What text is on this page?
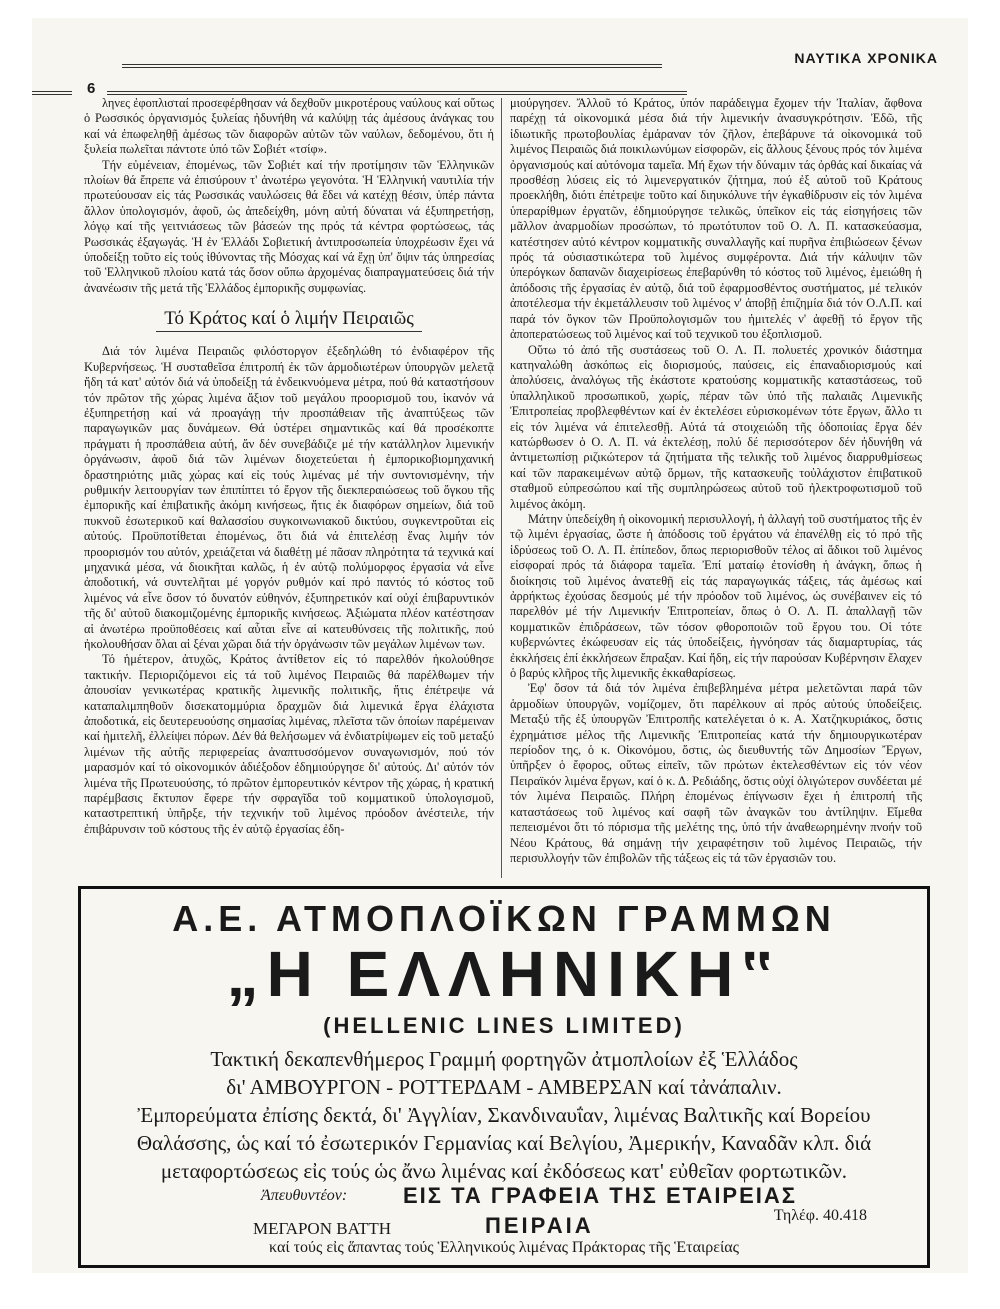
ΝΑΥΤΙΚΑ ΧΡΟΝΙΚΑ
6

ληνες ἐφοπλισταί προσεφέρθησαν νά δεχθοῦν μικροτέρους ναύλους καί οὕτως ὁ Ρωσσικός ὀργανισμός ξυλείας ἠδυνήθη νά καλύψῃ τάς ἀμέσους ἀνάγκας του καί νά ἐπωφεληθῇ ἀμέσως τῶν διαφορῶν αὐτῶν τῶν ναύλων, δεδομένου, ὅτι ἡ ξυλεία πωλεῖται πάντοτε ὑπό τῶν Σοβιέτ «τσίφ».

Τήν εὐμένειαν, ἐπομένως, τῶν Σοβιέτ καί τήν προτίμησιν τῶν Ἑλληνικῶν πλοίων θά ἔπρεπε νά ἐπισύρουν τ' ἀνωτέρω γεγονότα. Ἡ Ἑλληνική ναυτιλία τήν πρωτεύουσαν εἰς τάς Ρωσσικάς ναυλώσεις θά ἔδει νά κατέχῃ θέσιν, ὑπέρ πάντα ἄλλον ὑπολογισμόν, ἀφοῦ, ὡς ἀπεδείχθη, μόνη αὐτή δύναται νά ἐξυπηρετήσῃ, λόγῳ καί τῆς γειτνιάσεως τῶν βάσεών της πρός τά κέντρα φορτώσεως, τάς Ρωσσικάς ἐξαγωγάς. Ἡ ἐν Ἑλλάδι Σοβιετική ἀντιπροσωπεία ὑποχρέωσιν ἔχει νά ὑποδείξῃ τοῦτο εἰς τούς ἰθύνοντας τῆς Μόσχας καί νά ἔχῃ ὑπ' ὄψιν τάς ὑπηρεσίας τοῦ Ἑλληνικοῦ πλοίου κατά τάς ὅσον οὔπω ἀρχομένας διαπραγματεύσεις διά τήν ἀνανέωσιν τῆς μετά τῆς Ἑλλάδος ἐμπορικῆς συμφωνίας.

Τό Κράτος καί ὁ λιμήν Πειραιῶς

Διά τόν λιμένα Πειραιῶς φιλόστοργον ἐξεδηλώθη τό ἐνδιαφέρον τῆς Κυβερνήσεως. Ἡ συσταθεῖσα ἐπιτροπή ἐκ τῶν ἁρμοδιωτέρων ὑπουργῶν μελετᾷ ἤδη τά κατ' αὐτόν διά νά ὑποδείξῃ τά ἐνδεικνυόμενα μέτρα, πού θά καταστήσουν τόν πρῶτον τῆς χώρας λιμένα ἄξιον τοῦ μεγάλου προορισμοῦ του, ἱκανόν νά ἐξυπηρετήσῃ καί νά προαγάγῃ τήν προσπάθειαν τῆς ἀναπτύξεως τῶν παραγωγικῶν μας δυνάμεων. Θά ὑστέρει σημαντικῶς καί θά προσέκοπτε πράγματι ἡ προσπάθεια αὐτή, ἄν δέν συνεβάδιζε μέ τήν κατάλληλον λιμενικήν ὀργάνωσιν, ἀφοῦ διά τῶν λιμένων διοχετεύεται ἡ ἐμπορικοβιομηχανική δραστηριότης μιᾶς χώρας καί εἰς τούς λιμένας μέ τήν συντονισμένην, τήν ρυθμικήν λειτουργίαν των ἐπιπίπτει τό ἔργον τῆς διεκπεραιώσεως τοῦ ὄγκου τῆς ἐμπορικῆς καί ἐπιβατικῆς ἀκόμη κινήσεως, ἥτις ἐκ διαφόρων σημείων, διά τοῦ πυκνοῦ ἐσωτερικοῦ καί θαλασσίου συγκοινωνιακοῦ δικτύου, συγκεντροῦται εἰς αὐτούς. Προϋποτίθεται ἐπομένως, ὅτι διά νά ἐπιτελέσῃ ἕνας λιμήν τόν προορισμόν του αὐτόν, χρειάζεται νά διαθέτῃ μέ πᾶσαν πληρότητα τά τεχνικά καί μηχανικά μέσα, νά διοικῆται καλῶς, ἡ ἐν αὐτῷ πολύμορφος ἐργασία νά εἶνε ἀποδοτική, νά συντελῆται μέ γοργόν ρυθμόν καί πρό παντός τό κόστος τοῦ λιμένος νά εἶνε ὅσον τό δυνατόν εὐθηνόν, ἐξυπηρετικόν καί οὐχί ἐπιβαρυντικόν τῆς δι' αὐτοῦ διακομιζομένης ἐμπορικῆς κινήσεως. Ἀξιώματα πλέον κατέστησαν αἱ ἀνωτέρω προϋποθέσεις καί αὗται εἶνε αἱ κατευθύνσεις τῆς πολιτικῆς, πού ἠκολουθήσαν ὅλαι αἱ ξέναι χῶραι διά τήν ὀργάνωσιν τῶν μεγάλων λιμένων των.

Τό ἡμέτερον, ἀτυχῶς, Κράτος ἀντίθετον εἰς τό παρελθόν ἠκολούθησε τακτικήν. Περιοριζόμενοι εἰς τά τοῦ λιμένος Πειραιῶς θά παρέλθωμεν τήν ἀπουσίαν γενικωτέρας κρατικῆς λιμενικῆς πολιτικῆς, ἥτις ἐπέτρεψε νά καταπαλιμπηθοῦν δισεκατομμύρια δραχμῶν διά λιμενικά ἔργα ἐλάχιστα ἀποδοτικά, εἰς δευτερευούσης σημασίας λιμένας, πλεῖστα τῶν ὁποίων παρέμειναν καί ἡμιτελῆ, ἐλλείψει πόρων. Δέν θά θελήσωμεν νά ἐνδιατρίψωμεν εἰς τοῦ μεταξύ λιμένων τῆς αὐτῆς περιφερείας ἀναπτυσσόμενον συναγωνισμόν, πού τόν μαρασμόν καί τό οἰκονομικόν ἀδιέξοδον ἐδημιούργησε δι' αὐτούς. Δι' αὐτόν τόν λιμένα τῆς Πρωτευούσης, τό πρῶτον ἐμπορευτικόν κέντρον τῆς χώρας, ἡ κρατική παρέμβασις ἔκτυπον ἔφερε τήν σφραγῖδα τοῦ κομματικοῦ ὑπολογισμοῦ, καταστρεπτική ὑπῆρξε, τήν τεχνικήν τοῦ λιμένος πρόοδον ἀνέστειλε, τήν ἐπιβάρυνσιν τοῦ κόστους τῆς ἐν αὐτῷ ἐργασίας ἐδη-

μιούργησεν. Ἄλλοῦ τό Κράτος, ὑπόν παράδειγμα ἔχομεν τήν Ἰταλίαν, ἄφθονα παρέχῃ τά οἰκονομικά μέσα διά τήν λιμενικήν ἀνασυγκρότησιν. Ἐδῶ, τῆς ἰδιωτικῆς πρωτοβουλίας ἐμάραναν τόν ζῆλον, ἐπεβάρυνε τά οἰκονομικά τοῦ λιμένος Πειραιῶς διά ποικιλωνύμων εἰσφορῶν, εἰς ἄλλους ξένους πρός τόν λιμένα ὀργανισμούς καί αὐτόνομα ταμεῖα. Μή ἔχων τήν δύναμιν τάς ὀρθάς καί δικαίας νά προσθέσῃ λύσεις εἰς τό λιμενεργατικόν ζήτημα, πού ἐξ αὐτοῦ τοῦ Κράτους προεκλήθη, διότι ἐπέτρεψε τοῦτο καί διηυκόλυνε τήν ἐγκαθίδρυσιν εἰς τόν λιμένα ὑπεραρίθμων ἐργατῶν, ἐδημιούργησε τελικῶς, ὑπεῖκον εἰς τάς εἰσηγήσεις τῶν μᾶλλον ἀναρμοδίων προσώπων, τό πρωτότυπον τοῦ Ο. Λ. Π. κατασκεύασμα, κατέστησεν αὐτό κέντρον κομματικῆς συναλλαγῆς καί πυρῆνα ἐπιβιώσεων ξένων πρός τά οὐσιαστικώτερα τοῦ λιμένος συμφέροντα. Διά τήν κάλυψιν τῶν ὑπερόγκων δαπανῶν διαχειρίσεως ἐπεβαρύνθη τό κόστος τοῦ λιμένος, ἐμειώθη ἡ ἀπόδοσις τῆς ἐργασίας ἐν αὐτῷ, διά τοῦ ἐφαρμοσθέντος συστήματος, μέ τελικόν ἀποτέλεσμα τήν ἐκμετάλλευσιν τοῦ λιμένος ν' ἀποβῇ ἐπιζημία διά τόν Ο.Λ.Π. καί παρά τόν ὄγκον τῶν Προϋπολογισμῶν του ἡμιτελές ν' ἀφεθῇ τό ἔργον τῆς ἀποπερατώσεως τοῦ λιμένος καί τοῦ τεχνικοῦ του ἐξοπλισμοῦ.

Οὕτω τό ἀπό τῆς συστάσεως τοῦ Ο. Λ. Π. πολυετές χρονικόν διάστημα κατηναλώθη ἀσκόπως εἰς διορισμούς, παύσεις, εἰς ἐπαναδιορισμούς καί ἀπολύσεις, ἀναλόγως τῆς ἑκάστοτε κρατούσης κομματικῆς καταστάσεως, τοῦ ὑπαλληλικοῦ προσωπικοῦ, χωρίς, πέραν τῶν ὑπό τῆς παλαιᾶς Λιμενικῆς Ἐπιτροπείας προβλεφθέντων καί ἐν ἐκτελέσει εὑρισκομένων τότε ἔργων, ἄλλο τι εἰς τόν λιμένα νά ἐπιτελεσθῇ. Αὐτά τά στοιχειώδη τῆς ὁδοποιίας ἔργα δέν κατώρθωσεν ὁ Ο. Λ. Π. νά ἐκτελέσῃ, πολύ δέ περισσότερον δέν ἠδυνήθη νά ἀντιμετωπίσῃ ριζικώτερον τά ζητήματα τῆς τελικῆς τοῦ λιμένος διαρρυθμίσεως καί τῶν παρακειμένων αὐτῷ ὅρμων, τῆς κατασκευῆς τοὐλάχιστον ἐπιβατικοῦ σταθμοῦ εὐπρεσώπου καί τῆς συμπληρώσεως αὐτοῦ τοῦ ἠλεκτροφωτισμοῦ τοῦ λιμένος ἀκόμη.

Μάτην ὑπεδείχθη ἡ οἰκονομική περισυλλογή, ἡ ἀλλαγή τοῦ συστήματος τῆς ἐν τῷ λιμένι ἐργασίας, ὥστε ἡ ἀπόδοσις τοῦ ἐργάτου νά ἐπανέλθῃ εἰς τό πρό τῆς ἱδρύσεως τοῦ Ο. Λ. Π. ἐπίπεδον, ὅπως περιορισθοῦν τέλος αἱ ἄδικοι τοῦ λιμένος εἰσφοραί πρός τά διάφορα ταμεῖα. Ἐπί ματαίῳ ἐτονίσθη ἡ ἀνάγκη, ὅπως ἡ διοίκησις τοῦ λιμένος ἀνατεθῇ εἰς τάς παραγωγικάς τάξεις, τάς ἀμέσως καί ἀρρήκτως ἐχούσας δεσμούς μέ τήν πρόοδον τοῦ λιμένος, ὡς συνέβαινεν εἰς τό παρελθόν μέ τήν Λιμενικήν Ἐπιτροπείαν, ὅπως ὁ Ο. Λ. Π. ἀπαλλαγῇ τῶν κομματικῶν ἐπιδράσεων, τῶν τόσον φθοροποιῶν τοῦ ἔργου του. Οἱ τότε κυβερνώντες ἐκώφευσαν εἰς τάς ὑποδείξεις, ἠγνόησαν τάς διαμαρτυρίας, τάς ἐκκλήσεις ἐπί ἐκκλήσεων ἔπραξαν. Καί ἤδη, εἰς τήν παρούσαν Κυβέρνησιν ἔλαχεν ὁ βαρύς κλῆρος τῆς λιμενικῆς ἐκκαθαρίσεως.

Ἐφ' ὅσον τά διά τόν λιμένα ἐπιβεβλημένα μέτρα μελετῶνται παρά τῶν ἁρμοδίων ὑπουργῶν, νομίζομεν, ὅτι παρέλκουν αἱ πρός αὐτούς ὑποδείξεις. Μεταξύ τῆς ἐξ ὑπουργῶν Ἐπιτροπῆς κατελέγεται ὁ κ. Α. Χατζηκυριάκος, ὅστις ἐχρημάτισε μέλος τῆς Λιμενικῆς Ἐπιτροπείας κατά τήν δημιουργικωτέραν περίοδον της, ὁ κ. Οἰκονόμου, ὅστις, ὡς διευθυντής τῶν Δημοσίων Ἔργων, ὑπῆρξεν ὁ ἔφορος, οὕτως εἰπεῖν, τῶν πρώτων ἐκτελεσθέντων εἰς τόν νέον Πειραϊκόν λιμένα ἔργων, καί ὁ κ. Δ. Ρεδιάδης, ὅστις οὐχί ὀλιγώτερον συνδέεται μέ τόν λιμένα Πειραιῶς. Πλήρη ἐπομένως ἐπίγνωσιν ἔχει ἡ ἐπιτροπή τῆς καταστάσεως τοῦ λιμένος καί σαφῆ τῶν ἀναγκῶν του ἀντίληψιν. Εἴμεθα πεπεισμένοι ὅτι τό πόρισμα τῆς μελέτης της, ὑπό τήν ἀναθεωρημένην πνοήν τοῦ Νέου Κράτους, θά σημάνῃ τήν χειραφέτησιν τοῦ λιμένος Πειραιῶς, τήν περισυλλογήν τῶν ἐπιβολῶν τῆς τάξεως εἰς τά τῶν ἐργασιῶν του.

Α.Ε. ΑΤΜΟΠΛΟΪΚΩΝ ΓΡΑΜΜΩΝ
„Η ΕΛΛΗΝΙΚΗ‟
(HELLENIC LINES LIMITED)
Τακτική δεκαπενθήμερος Γραμμή φορτηγῶν ἀτμοπλοίων ἐξ Ἑλλάδος
δι' ΑΜΒΟΥΡΓΟΝ - ΡΟΤΤΕΡΔΑΜ - ΑΜΒΕΡΣΑΝ καί τἀνάπαλιν.
Ἐμπορεύματα ἐπίσης δεκτά, δι' Ἀγγλίαν, Σκανδιναυΐαν, λιμένας Βαλτικῆς καί Βορείου Θαλάσσης, ὡς καί τό ἐσωτερικόν Γερμανίας καί Βελγίου, Ἀμερικήν, Καναδᾶν κλπ. διά μεταφορτώσεως εἰς τούς ὡς ἄνω λιμένας καί ἐκδόσεως κατ' εὐθεῖαν φορτωτικῶν.
Ἀπευθυντέον:	ΕΙΣ ΤΑ ΓΡΑΦΕΙΑ ΤΗΣ ΕΤΑΙΡΕΙΑΣ
ΜΕΓΑΡΟΝ ΒΑΤΤΗ	ΠΕΙΡΑΙΑ	Τηλέφ. 40.418
καί τούς εἰς ἅπαντας τούς Ἑλληνικούς λιμένας Πράκτορας τῆς Ἑταιρείας
